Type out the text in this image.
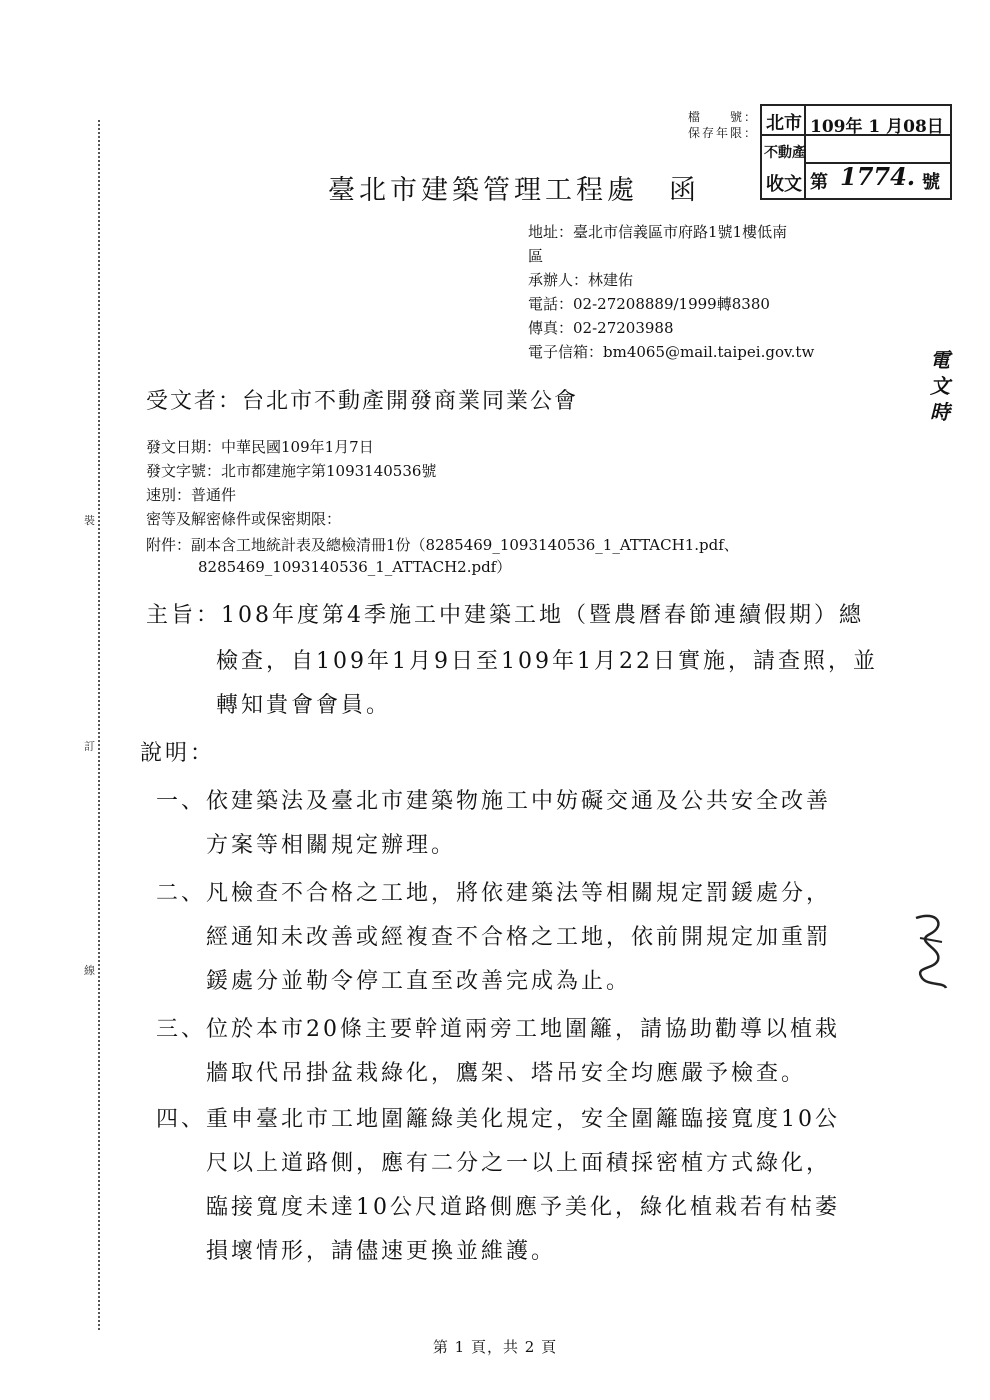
裝
訂
線
檔　　號：
保存年限： 北市
不動產
收文
109年 1 月08日
第 1774. 號
臺北市建築管理工程處　函
地址：臺北市信義區市府路1號1樓低南
區
承辦人：林建佑
電話：02-27208889/1999轉8380
傳真：02-27203988
電子信箱：bm4065@mail.taipei.gov.tw	電
文
時
受文者：台北市不動產開發商業同業公會
發文日期：中華民國109年1月7日
發文字號：北市都建施字第1093140536號
速別：普通件
密等及解密條件或保密期限：
附件：副本含工地統計表及總檢清冊1份（8285469_1093140536_1_ATTACH1.pdf、
8285469_1093140536_1_ATTACH2.pdf）
主旨：108年度第4季施工中建築工地（暨農曆春節連續假期）總
檢查，自109年1月9日至109年1月22日實施，請查照，並
轉知貴會會員。
說明：
一、依建築法及臺北市建築物施工中妨礙交通及公共安全改善
方案等相關規定辦理。
二、凡檢查不合格之工地，將依建築法等相關規定罰鍰處分，
經通知未改善或經複查不合格之工地，依前開規定加重罰
鍰處分並勒令停工直至改善完成為止。
三、位於本市20條主要幹道兩旁工地圍籬，請協助勸導以植栽
牆取代吊掛盆栽綠化，鷹架、塔吊安全均應嚴予檢查。
四、重申臺北市工地圍籬綠美化規定，安全圍籬臨接寬度10公
尺以上道路側，應有二分之一以上面積採密植方式綠化，
臨接寬度未達10公尺道路側應予美化，綠化植栽若有枯萎
損壞情形，請儘速更換並維護。
第 1 頁，共 2 頁
